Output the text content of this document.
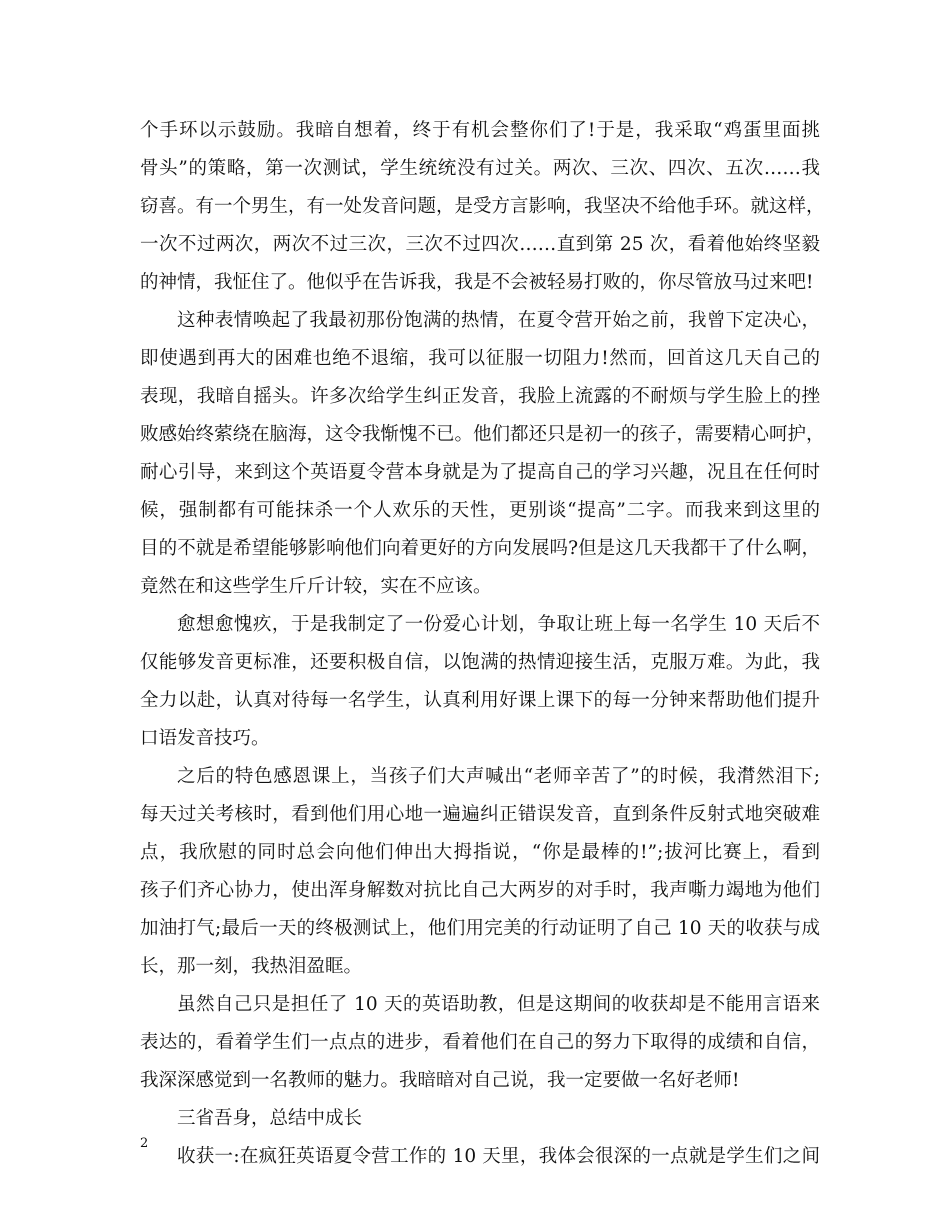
个手环以示鼓励。我暗自想着，终于有机会整你们了!于是，我采取“鸡蛋里面挑
骨头”的策略，第一次测试，学生统统没有过关。两次、三次、四次、五次……我
窃喜。有一个男生，有一处发音问题，是受方言影响，我坚决不给他手环。就这样，
一次不过两次，两次不过三次，三次不过四次……直到第 25 次，看着他始终坚毅
的神情，我怔住了。他似乎在告诉我，我是不会被轻易打败的，你尽管放马过来吧!
这种表情唤起了我最初那份饱满的热情，在夏令营开始之前，我曾下定决心，
即使遇到再大的困难也绝不退缩，我可以征服一切阻力!然而，回首这几天自己的
表现，我暗自摇头。许多次给学生纠正发音，我脸上流露的不耐烦与学生脸上的挫
败感始终萦绕在脑海，这令我惭愧不已。他们都还只是初一的孩子，需要精心呵护，
耐心引导，来到这个英语夏令营本身就是为了提高自己的学习兴趣，况且在任何时
候，强制都有可能抹杀一个人欢乐的天性，更别谈“提高”二字。而我来到这里的
目的不就是希望能够影响他们向着更好的方向发展吗?但是这几天我都干了什么啊，
竟然在和这些学生斤斤计较，实在不应该。
愈想愈愧疚，于是我制定了一份爱心计划，争取让班上每一名学生 10 天后不
仅能够发音更标准，还要积极自信，以饱满的热情迎接生活，克服万难。为此，我
全力以赴，认真对待每一名学生，认真利用好课上课下的每一分钟来帮助他们提升
口语发音技巧。
之后的特色感恩课上，当孩子们大声喊出“老师辛苦了”的时候，我潸然泪下;
每天过关考核时，看到他们用心地一遍遍纠正错误发音，直到条件反射式地突破难
点，我欣慰的同时总会向他们伸出大拇指说，“你是最棒的!”;拔河比赛上，看到
孩子们齐心协力，使出浑身解数对抗比自己大两岁的对手时，我声嘶力竭地为他们
加油打气;最后一天的终极测试上，他们用完美的行动证明了自己 10 天的收获与成
长，那一刻，我热泪盈眶。
虽然自己只是担任了 10 天的英语助教，但是这期间的收获却是不能用言语来
表达的，看着学生们一点点的进步，看着他们在自己的努力下取得的成绩和自信，
我深深感觉到一名教师的魅力。我暗暗对自己说，我一定要做一名好老师!
三省吾身，总结中成长
收获一:在疯狂英语夏令营工作的 10 天里，我体会很深的一点就是学生们之间
2
